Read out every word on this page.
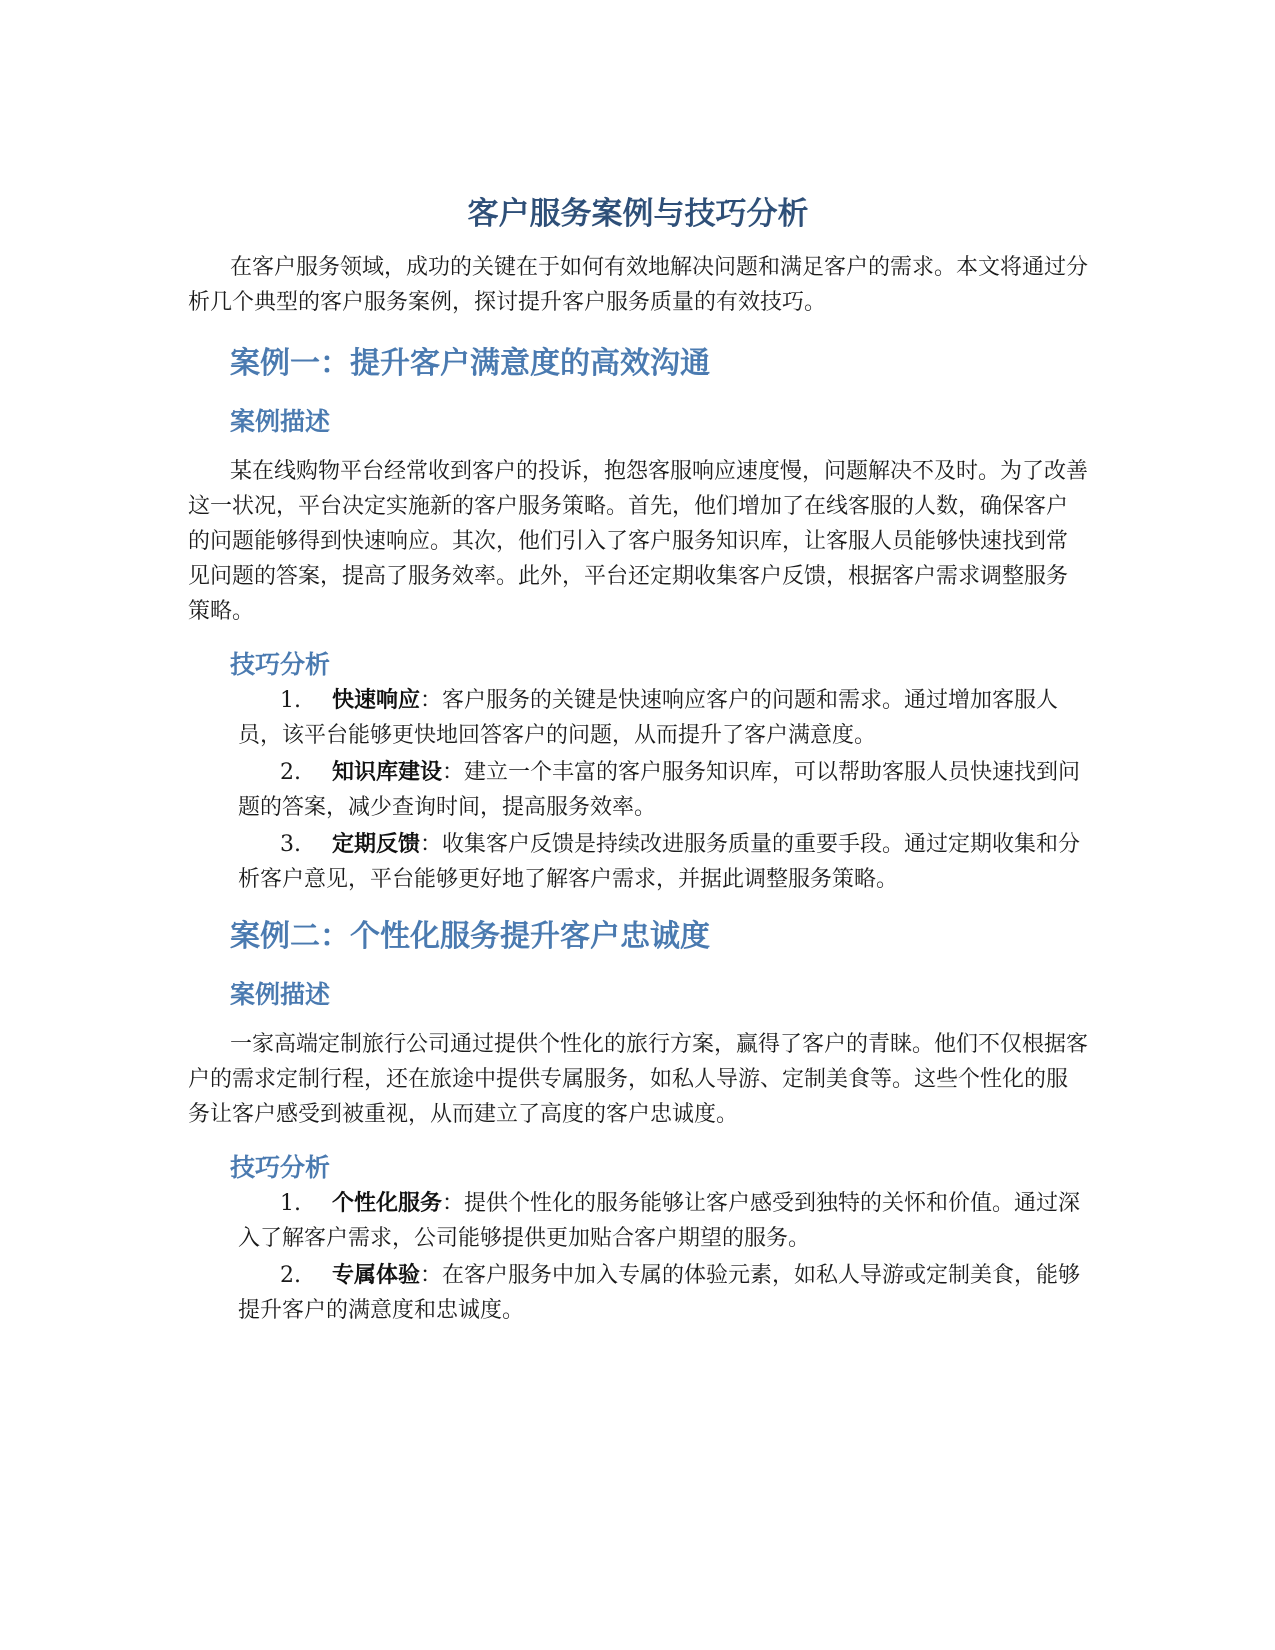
客户服务案例与技巧分析

在客户服务领域，成功的关键在于如何有效地解决问题和满足客户的需求。本文将通过分析几个典型的客户服务案例，探讨提升客户服务质量的有效技巧。

案例一：提升客户满意度的高效沟通
案例描述

某在线购物平台经常收到客户的投诉，抱怨客服响应速度慢，问题解决不及时。为了改善这一状况，平台决定实施新的客户服务策略。首先，他们增加了在线客服的人数，确保客户的问题能够得到快速响应。其次，他们引入了客户服务知识库，让客服人员能够快速找到常见问题的答案，提高了服务效率。此外，平台还定期收集客户反馈，根据客户需求调整服务策略。

技巧分析
1. 快速响应：客户服务的关键是快速响应客户的问题和需求。通过增加客服人员，该平台能够更快地回答客户的问题，从而提升了客户满意度。
2. 知识库建设：建立一个丰富的客户服务知识库，可以帮助客服人员快速找到问题的答案，减少查询时间，提高服务效率。
3. 定期反馈：收集客户反馈是持续改进服务质量的重要手段。通过定期收集和分析客户意见，平台能够更好地了解客户需求，并据此调整服务策略。
案例二：个性化服务提升客户忠诚度
案例描述

一家高端定制旅行公司通过提供个性化的旅行方案，赢得了客户的青睐。他们不仅根据客户的需求定制行程，还在旅途中提供专属服务，如私人导游、定制美食等。这些个性化的服务让客户感受到被重视，从而建立了高度的客户忠诚度。

技巧分析
1. 个性化服务：提供个性化的服务能够让客户感受到独特的关怀和价值。通过深入了解客户需求，公司能够提供更加贴合客户期望的服务。
2. 专属体验：在客户服务中加入专属的体验元素，如私人导游或定制美食，能够提升客户的满意度和忠诚度。
